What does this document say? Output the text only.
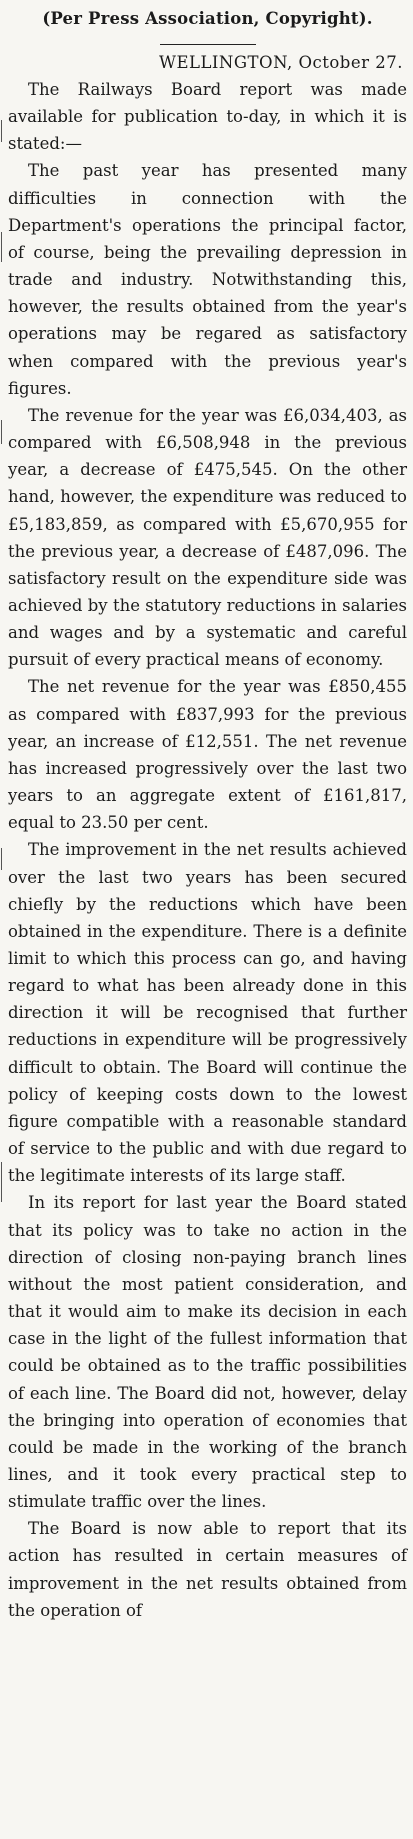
(Per Press Association, Copyright).
WELLINGTON, October 27.

The Railways Board report was made available for publication to-day, in which it is stated:—

The past year has presented many difficulties in connection with the Department's operations the principal factor, of course, being the prevailing depression in trade and industry. Notwithstanding this, however, the results obtained from the year's operations may be regared as satisfactory when compared with the previous year's figures.

The revenue for the year was £6,034,403, as compared with £6,508,948 in the previous year, a decrease of £475,545. On the other hand, however, the expenditure was reduced to £5,183,859, as compared with £5,670,955 for the previous year, a decrease of £487,096. The satisfactory result on the expenditure side was achieved by the statutory reductions in salaries and wages and by a systematic and careful pursuit of every practical means of economy.

The net revenue for the year was £850,455 as compared with £837,993 for the previous year, an increase of £12,551. The net revenue has increased progressively over the last two years to an aggregate extent of £161,817, equal to 23.50 per cent.

The improvement in the net results achieved over the last two years has been secured chiefly by the reductions which have been obtained in the expenditure. There is a definite limit to which this process can go, and having regard to what has been already done in this direction it will be recognised that further reductions in expenditure will be progressively difficult to obtain. The Board will continue the policy of keeping costs down to the lowest figure compatible with a reasonable standard of service to the public and with due regard to the legitimate interests of its large staff.

In its report for last year the Board stated that its policy was to take no action in the direction of closing non-paying branch lines without the most patient consideration, and that it would aim to make its decision in each case in the light of the fullest information that could be obtained as to the traffic possibilities of each line. The Board did not, however, delay the bringing into operation of economies that could be made in the working of the branch lines, and it took every practical step to stimulate traffic over the lines.

The Board is now able to report that its action has resulted in certain measures of improvement in the net results obtained from the operation of
